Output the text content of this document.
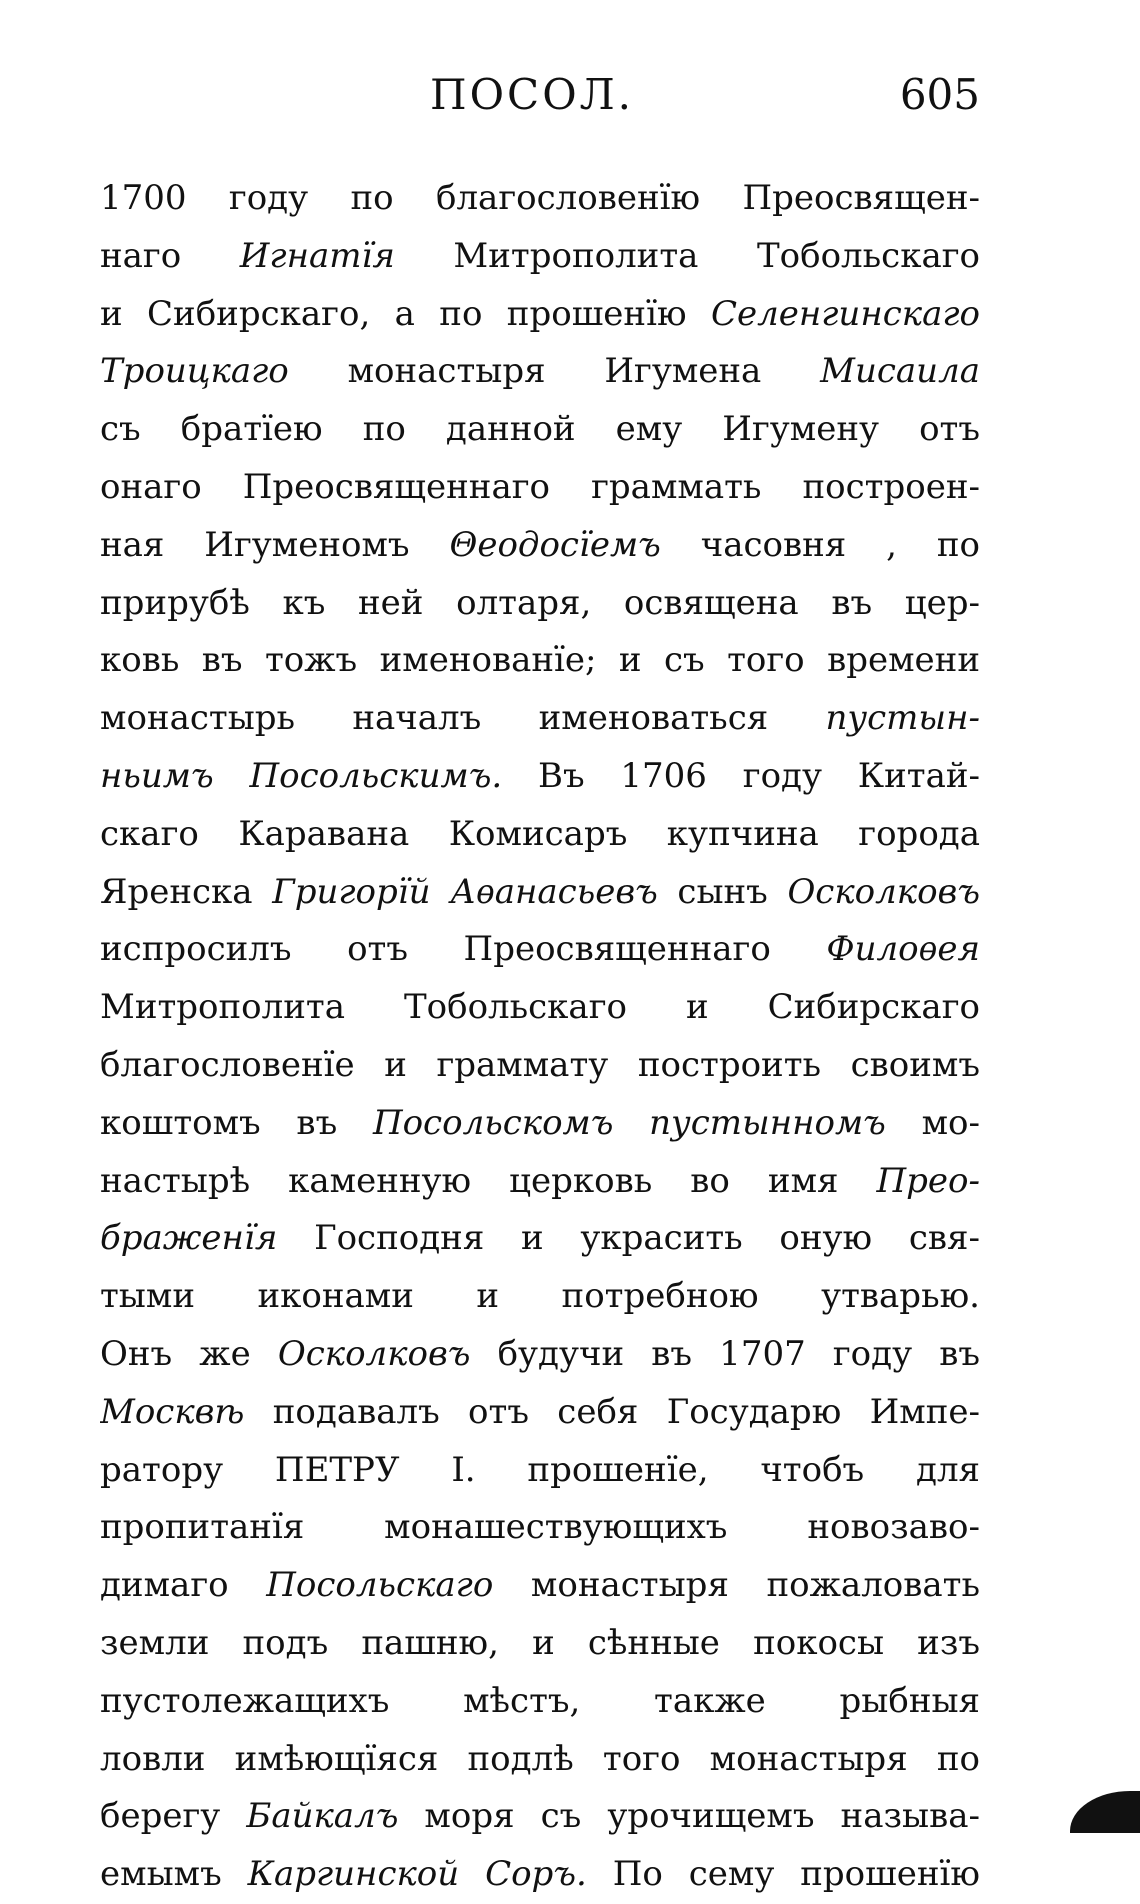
ПОСОЛ.	605
1700 году по благословенїю Преосвящен-
наго Игнатїя Митрополита Тобольскаго
и Сибирскаго, а по прошенїю Селенгинскаго
Троицкаго монастыря Игумена Мисаила
съ братїею по данной ему Игумену отъ
онаго Преосвященнаго граммать построен-
ная Игуменомъ Θеодосїемъ часовня , по
прирубѣ къ ней олтаря, освящена въ цер-
ковь въ тожъ именованїе; и съ того времени
монастырь началъ именоваться пустын-
ньимъ Посольскимъ. Въ 1706 году Китай-
скаго Каравана Комисаръ купчина города
Яренска Григорїй Аѳанасьевъ сынъ Осколковъ
испросилъ отъ Преосвященнаго Филоѳея
Митрополита Тобольскаго и Сибирскаго
благословенїе и граммату построить своимъ
коштомъ въ Посольскомъ пустынномъ мо-
настырѣ каменную церковь во имя Прео-
браженїя Господня и украсить оную свя-
тыми иконами и потребною утварью.
Онъ же Осколковъ будучи въ 1707 году въ
Москвѣ подавалъ отъ себя Государю Импе-
ратору ПЕТРУ I. прошенїе, чтобъ для
пропитанїя монашествующихъ новозаво-
димаго Посольскаго монастыря пожаловать
земли подъ пашню, и сѣнные покосы изъ
пустолежащихъ мѣстъ, также рыбныя
ловли имѣющїяся подлѣ того монастыря по
берегу Байкалъ моря съ урочищемъ называ-
емымъ Каргинской Соръ. По сему прошенїю
